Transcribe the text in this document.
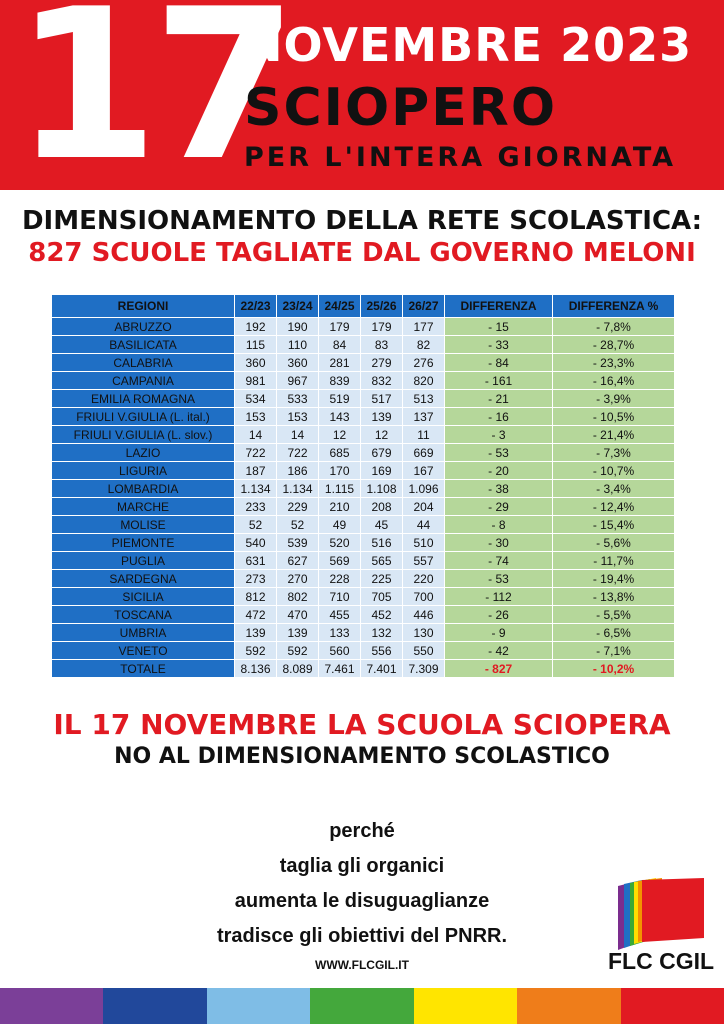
17
NOVEMBRE 2023
SCIOPERO
PER L'INTERA GIORNATA
DIMENSIONAMENTO DELLA RETE SCOLASTICA:
827 SCUOLE TAGLIATE DAL GOVERNO MELONI
REGIONI	22/23	23/24	24/25	25/26	26/27	DIFFERENZA	DIFFERENZA %
ABRUZZO	192	190	179	179	177	- 15	- 7,8%
BASILICATA	115	110	84	83	82	- 33	- 28,7%
CALABRIA	360	360	281	279	276	- 84	- 23,3%
CAMPANIA	981	967	839	832	820	- 161	- 16,4%
EMILIA ROMAGNA	534	533	519	517	513	- 21	- 3,9%
FRIULI V.GIULIA (L. ital.)	153	153	143	139	137	- 16	- 10,5%
FRIULI V.GIULIA (L. slov.)	14	14	12	12	11	- 3	- 21,4%
LAZIO	722	722	685	679	669	- 53	- 7,3%
LIGURIA	187	186	170	169	167	- 20	- 10,7%
LOMBARDIA	1.134	1.134	1.115	1.108	1.096	- 38	- 3,4%
MARCHE	233	229	210	208	204	- 29	- 12,4%
MOLISE	52	52	49	45	44	- 8	- 15,4%
PIEMONTE	540	539	520	516	510	- 30	- 5,6%
PUGLIA	631	627	569	565	557	- 74	- 11,7%
SARDEGNA	273	270	228	225	220	- 53	- 19,4%
SICILIA	812	802	710	705	700	- 112	- 13,8%
TOSCANA	472	470	455	452	446	- 26	- 5,5%
UMBRIA	139	139	133	132	130	- 9	- 6,5%
VENETO	592	592	560	556	550	- 42	- 7,1%
TOTALE	8.136	8.089	7.461	7.401	7.309	- 827	- 10,2%
IL 17 NOVEMBRE LA SCUOLA SCIOPERA
NO AL DIMENSIONAMENTO SCOLASTICO
perché
taglia gli organici
aumenta le disuguaglianze
tradisce gli obiettivi del PNRR.
WWW.FLCGIL.IT	FLC CGIL
